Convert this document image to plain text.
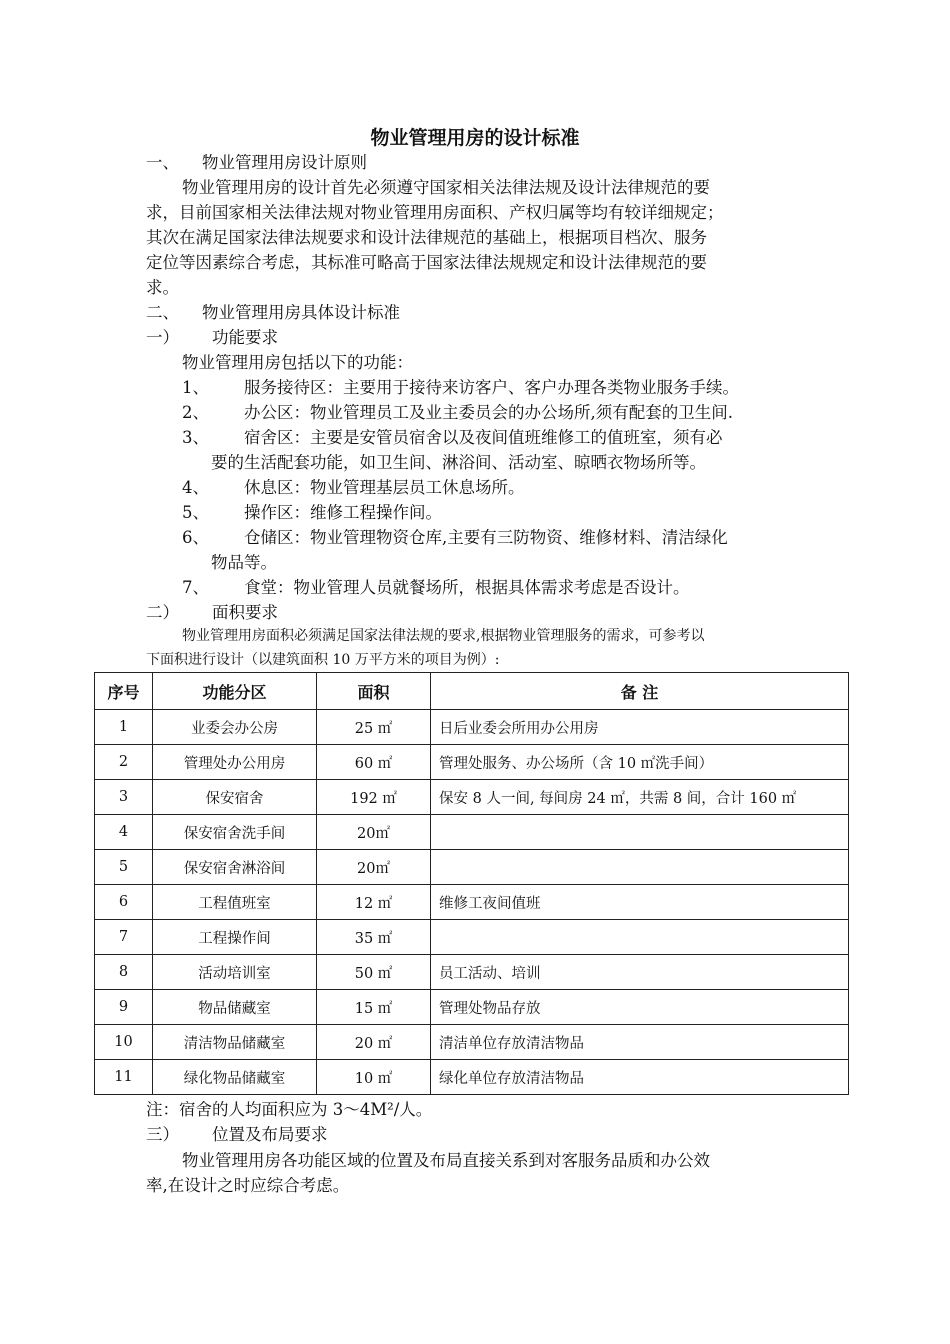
物业管理用房的设计标准
一、 物业管理用房设计原则
物业管理用房的设计首先必须遵守国家相关法律法规及设计法律规范的要
求，目前国家相关法律法规对物业管理用房面积、产权归属等均有较详细规定；
其次在满足国家法律法规要求和设计法律规范的基础上，根据项目档次、服务
定位等因素综合考虑，其标准可略高于国家法律法规规定和设计法律规范的要
求。
二、 物业管理用房具体设计标准
一） 功能要求
物业管理用房包括以下的功能：
1、 服务接待区：主要用于接待来访客户、客户办理各类物业服务手续。
2、 办公区：物业管理员工及业主委员会的办公场所,须有配套的卫生间.
3、 宿舍区：主要是安管员宿舍以及夜间值班维修工的值班室，须有必
要的生活配套功能，如卫生间、淋浴间、活动室、晾晒衣物场所等。
4、 休息区：物业管理基层员工休息场所。
5、 操作区：维修工程操作间。
6、 仓储区：物业管理物资仓库,主要有三防物资、维修材料、清洁绿化
物品等。
7、 食堂：物业管理人员就餐场所，根据具体需求考虑是否设计。
二） 面积要求
物业管理用房面积必须满足国家法律法规的要求,根据物业管理服务的需求，可参考以
下面积进行设计（以建筑面积 10 万平方米的项目为例）:
序号	功能分区	面积	备 注
1	业委会办公房	25 ㎡	日后业委会所用办公用房
2	管理处办公用房	60 ㎡	管理处服务、办公场所（含 10 ㎡洗手间）
3	保安宿舍	192 ㎡	保安 8 人一间, 每间房 24 ㎡，共需 8 间，合计 160 ㎡
4	保安宿舍洗手间	20㎡	
5	保安宿舍淋浴间	20㎡	
6	工程值班室	12 ㎡	维修工夜间值班
7	工程操作间	35 ㎡	
8	活动培训室	50 ㎡	员工活动、培训
9	物品储藏室	15 ㎡	管理处物品存放
10	清洁物品储藏室	20 ㎡	清洁单位存放清洁物品
11	绿化物品储藏室	10 ㎡	绿化单位存放清洁物品
注：宿舍的人均面积应为 3～4M²/人。
三） 位置及布局要求
物业管理用房各功能区域的位置及布局直接关系到对客服务品质和办公效
率,在设计之时应综合考虑。
